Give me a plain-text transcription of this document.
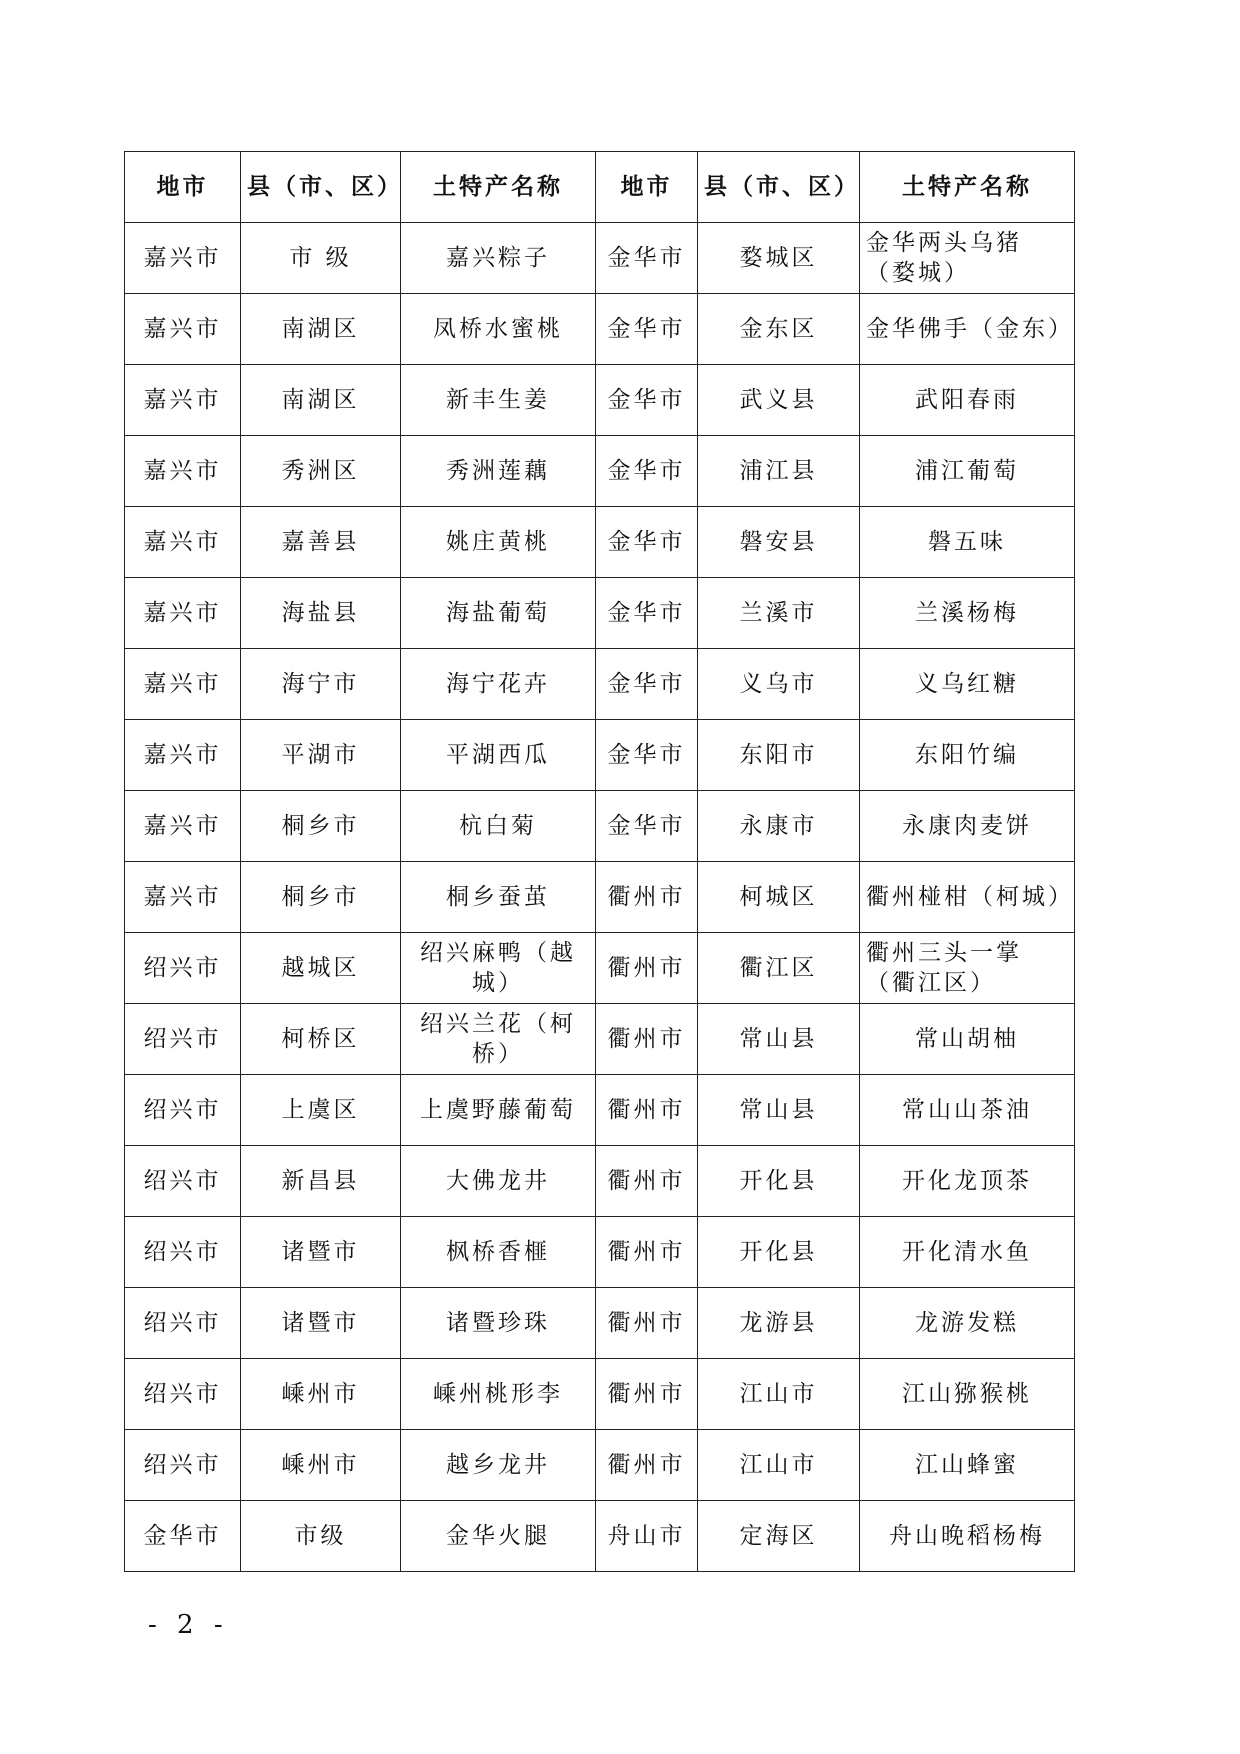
地市	县（市、区）	土特产名称	地市	县（市、区）	土特产名称
嘉兴市	市 级	嘉兴粽子	金华市	婺城区	金华两头乌猪（婺城）
嘉兴市	南湖区	凤桥水蜜桃	金华市	金东区	金华佛手（金东）
嘉兴市	南湖区	新丰生姜	金华市	武义县	武阳春雨
嘉兴市	秀洲区	秀洲莲藕	金华市	浦江县	浦江葡萄
嘉兴市	嘉善县	姚庄黄桃	金华市	磐安县	磐五味
嘉兴市	海盐县	海盐葡萄	金华市	兰溪市	兰溪杨梅
嘉兴市	海宁市	海宁花卉	金华市	义乌市	义乌红糖
嘉兴市	平湖市	平湖西瓜	金华市	东阳市	东阳竹编
嘉兴市	桐乡市	杭白菊	金华市	永康市	永康肉麦饼
嘉兴市	桐乡市	桐乡蚕茧	衢州市	柯城区	衢州椪柑（柯城）
绍兴市	越城区	绍兴麻鸭（越城）	衢州市	衢江区	衢州三头一掌（衢江区）
绍兴市	柯桥区	绍兴兰花（柯桥）	衢州市	常山县	常山胡柚
绍兴市	上虞区	上虞野藤葡萄	衢州市	常山县	常山山茶油
绍兴市	新昌县	大佛龙井	衢州市	开化县	开化龙顶茶
绍兴市	诸暨市	枫桥香榧	衢州市	开化县	开化清水鱼
绍兴市	诸暨市	诸暨珍珠	衢州市	龙游县	龙游发糕
绍兴市	嵊州市	嵊州桃形李	衢州市	江山市	江山猕猴桃
绍兴市	嵊州市	越乡龙井	衢州市	江山市	江山蜂蜜
金华市	市级	金华火腿	舟山市	定海区	舟山晚稻杨梅
- 2 -
